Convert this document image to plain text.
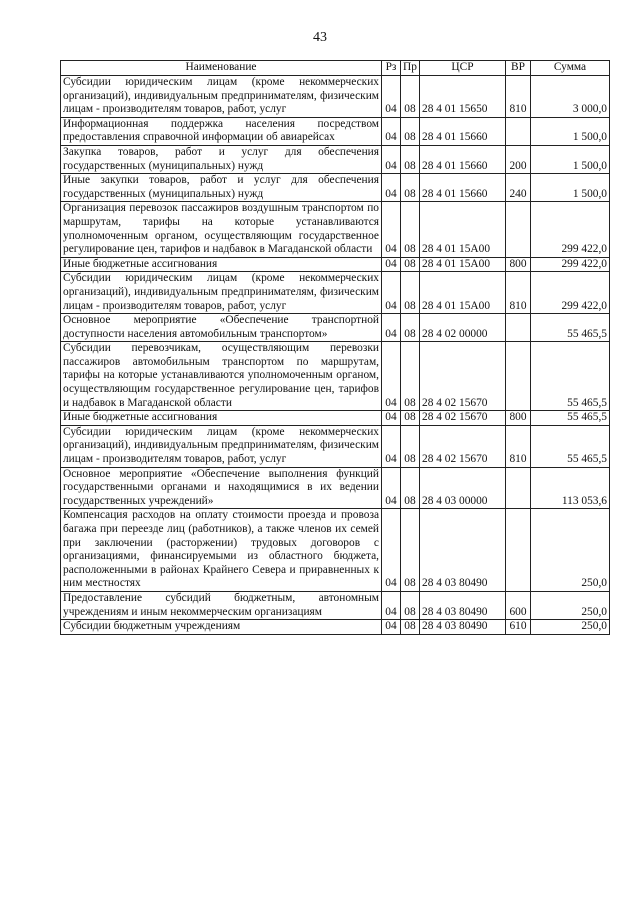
43
Наименование	Рз	Пр	ЦСР	ВР	Сумма
Субсидии юридическим лицам (кроме некоммерческих организаций), индивидуальным предпринимателям, физическим лицам - производителям товаров, работ, услуг	04	08	28 4 01 15650	810	3 000,0
Информационная поддержка населения посредством предоставления справочной информации об авиарейсах	04	08	28 4 01 15660		1 500,0
Закупка товаров, работ и услуг для обеспечения государственных (муниципальных) нужд	04	08	28 4 01 15660	200	1 500,0
Иные закупки товаров, работ и услуг для обеспечения государственных (муниципальных) нужд	04	08	28 4 01 15660	240	1 500,0
Организация перевозок пассажиров воздушным транспортом по маршрутам, тарифы на которые устанавливаются уполномоченным органом, осуществляющим государственное регулирование цен, тарифов и надбавок в Магаданской области	04	08	28 4 01 15А00		299 422,0
Иные бюджетные ассигнования	04	08	28 4 01 15А00	800	299 422,0
Субсидии юридическим лицам (кроме некоммерческих организаций), индивидуальным предпринимателям, физическим лицам - производителям товаров, работ, услуг	04	08	28 4 01 15А00	810	299 422,0
Основное мероприятие «Обеспечение транспортной доступности населения автомобильным транспортом»	04	08	28 4 02 00000		55 465,5
Субсидии перевозчикам, осуществляющим перевозки пассажиров автомобильным транспортом по маршрутам, тарифы на которые устанавливаются уполномоченным органом, осуществляющим государственное регулирование цен, тарифов и надбавок в Магаданской области	04	08	28 4 02 15670		55 465,5
Иные бюджетные ассигнования	04	08	28 4 02 15670	800	55 465,5
Субсидии юридическим лицам (кроме некоммерческих организаций), индивидуальным предпринимателям, физическим лицам - производителям товаров, работ, услуг	04	08	28 4 02 15670	810	55 465,5
Основное мероприятие «Обеспечение выполнения функций государственными органами и находящимися в их ведении государственных учреждений»	04	08	28 4 03 00000		113 053,6
Компенсация расходов на оплату стоимости проезда и провоза багажа при переезде лиц (работников), а также членов их семей при заключении (расторжении) трудовых договоров с организациями, финансируемыми из областного бюджета, расположенными в районах Крайнего Севера и приравненных к ним местностях	04	08	28 4 03 80490		250,0
Предоставление субсидий бюджетным, автономным учреждениям и иным некоммерческим организациям	04	08	28 4 03 80490	600	250,0
Субсидии бюджетным учреждениям	04	08	28 4 03 80490	610	250,0
